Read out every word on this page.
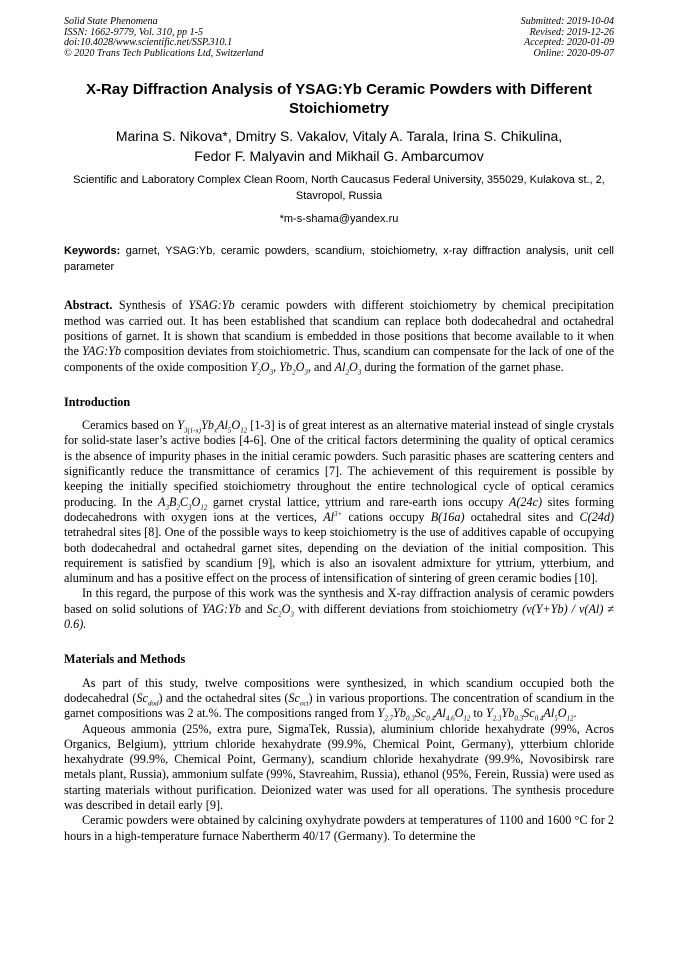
Solid State Phenomena
ISSN: 1662-9779, Vol. 310, pp 1-5
doi:10.4028/www.scientific.net/SSP.310.1
© 2020 Trans Tech Publications Ltd, Switzerland
Submitted: 2019-10-04
Revised: 2019-12-26
Accepted: 2020-01-09
Online: 2020-09-07
X-Ray Diffraction Analysis of YSAG:Yb Ceramic Powders with Different Stoichiometry
Marina S. Nikova*, Dmitry S. Vakalov, Vitaly A. Tarala, Irina S. Chikulina,
Fedor F. Malyavin and Mikhail G. Ambarcumov
Scientific and Laboratory Complex Clean Room, North Caucasus Federal University, 355029, Kulakova st., 2, Stavropol, Russia
*m-s-shama@yandex.ru
Keywords: garnet, YSAG:Yb, ceramic powders, scandium, stoichiometry, x-ray diffraction analysis, unit cell parameter
Abstract. Synthesis of YSAG:Yb ceramic powders with different stoichiometry by chemical precipitation method was carried out. It has been established that scandium can replace both dodecahedral and octahedral positions of garnet. It is shown that scandium is embedded in those positions that become available to it when the YAG:Yb composition deviates from stoichiometric. Thus, scandium can compensate for the lack of one of the components of the oxide composition $Y_2O_3$, $Yb_2O_3$, and $Al_2O_3$ during the formation of the garnet phase.
Introduction

Ceramics based on $Y_{3(1-x)}Yb_xAl_5O_{12}$ [1-3] is of great interest as an alternative material instead of single crystals for solid-state laser’s active bodies [4-6]. One of the critical factors determining the quality of optical ceramics is the absence of impurity phases in the initial ceramic powders. Such parasitic phases are scattering centers and significantly reduce the transmittance of ceramics [7]. The achievement of this requirement is possible by keeping the initially specified stoichiometry throughout the entire technological cycle of optical ceramics producing. In the $A_3B_2C_3O_{12}$ garnet crystal lattice, yttrium and rare-earth ions occupy A(24c) sites forming dodecahedrons with oxygen ions at the vertices, $Al^{3+}$ cations occupy B(16a) octahedral sites and C(24d) tetrahedral sites [8]. One of the possible ways to keep stoichiometry is the use of additives capable of occupying both dodecahedral and octahedral garnet sites, depending on the deviation of the initial composition. This requirement is satisfied by scandium [9], which is also an isovalent admixture for yttrium, ytterbium, and aluminum and has a positive effect on the process of intensification of sintering of green ceramic bodies [10].

In this regard, the purpose of this work was the synthesis and X-ray diffraction analysis of ceramic powders based on solid solutions of YAG:Yb and $Sc_2O_3$ with different deviations from stoichiometry (ν(Y+Yb) / ν(Al) ≠ 0.6).

Materials and Methods

As part of this study, twelve compositions were synthesized, in which scandium occupied both the dodecahedral $(Sc_{dod})$ and the octahedral sites $(Sc_{oct})$ in various proportions. The concentration of scandium in the garnet compositions was 2 at.%. The compositions ranged from $Y_{2.7}Yb_{0.3}Sc_{0.4}Al_{4.6}O_{12}$ to $Y_{2.3}Yb_{0.3}Sc_{0.4}Al_5O_{12}$.

Aqueous ammonia (25%, extra pure, SigmaTek, Russia), aluminium chloride hexahydrate (99%, Acros Organics, Belgium), yttrium chloride hexahydrate (99.9%, Chemical Point, Germany), ytterbium chloride hexahydrate (99.9%, Chemical Point, Germany), scandium chloride hexahydrate (99.9%, Novosibirsk rare metals plant, Russia), ammonium sulfate (99%, Stavreahim, Russia), ethanol (95%, Ferein, Russia) were used as starting materials without purification. Deionized water was used for all operations. The synthesis procedure was described in detail early [9].

Ceramic powders were obtained by calcining oxyhydrate powders at temperatures of 1100 and 1600 °C for 2 hours in a high-temperature furnace Nabertherm 40/17 (Germany). To determine the
